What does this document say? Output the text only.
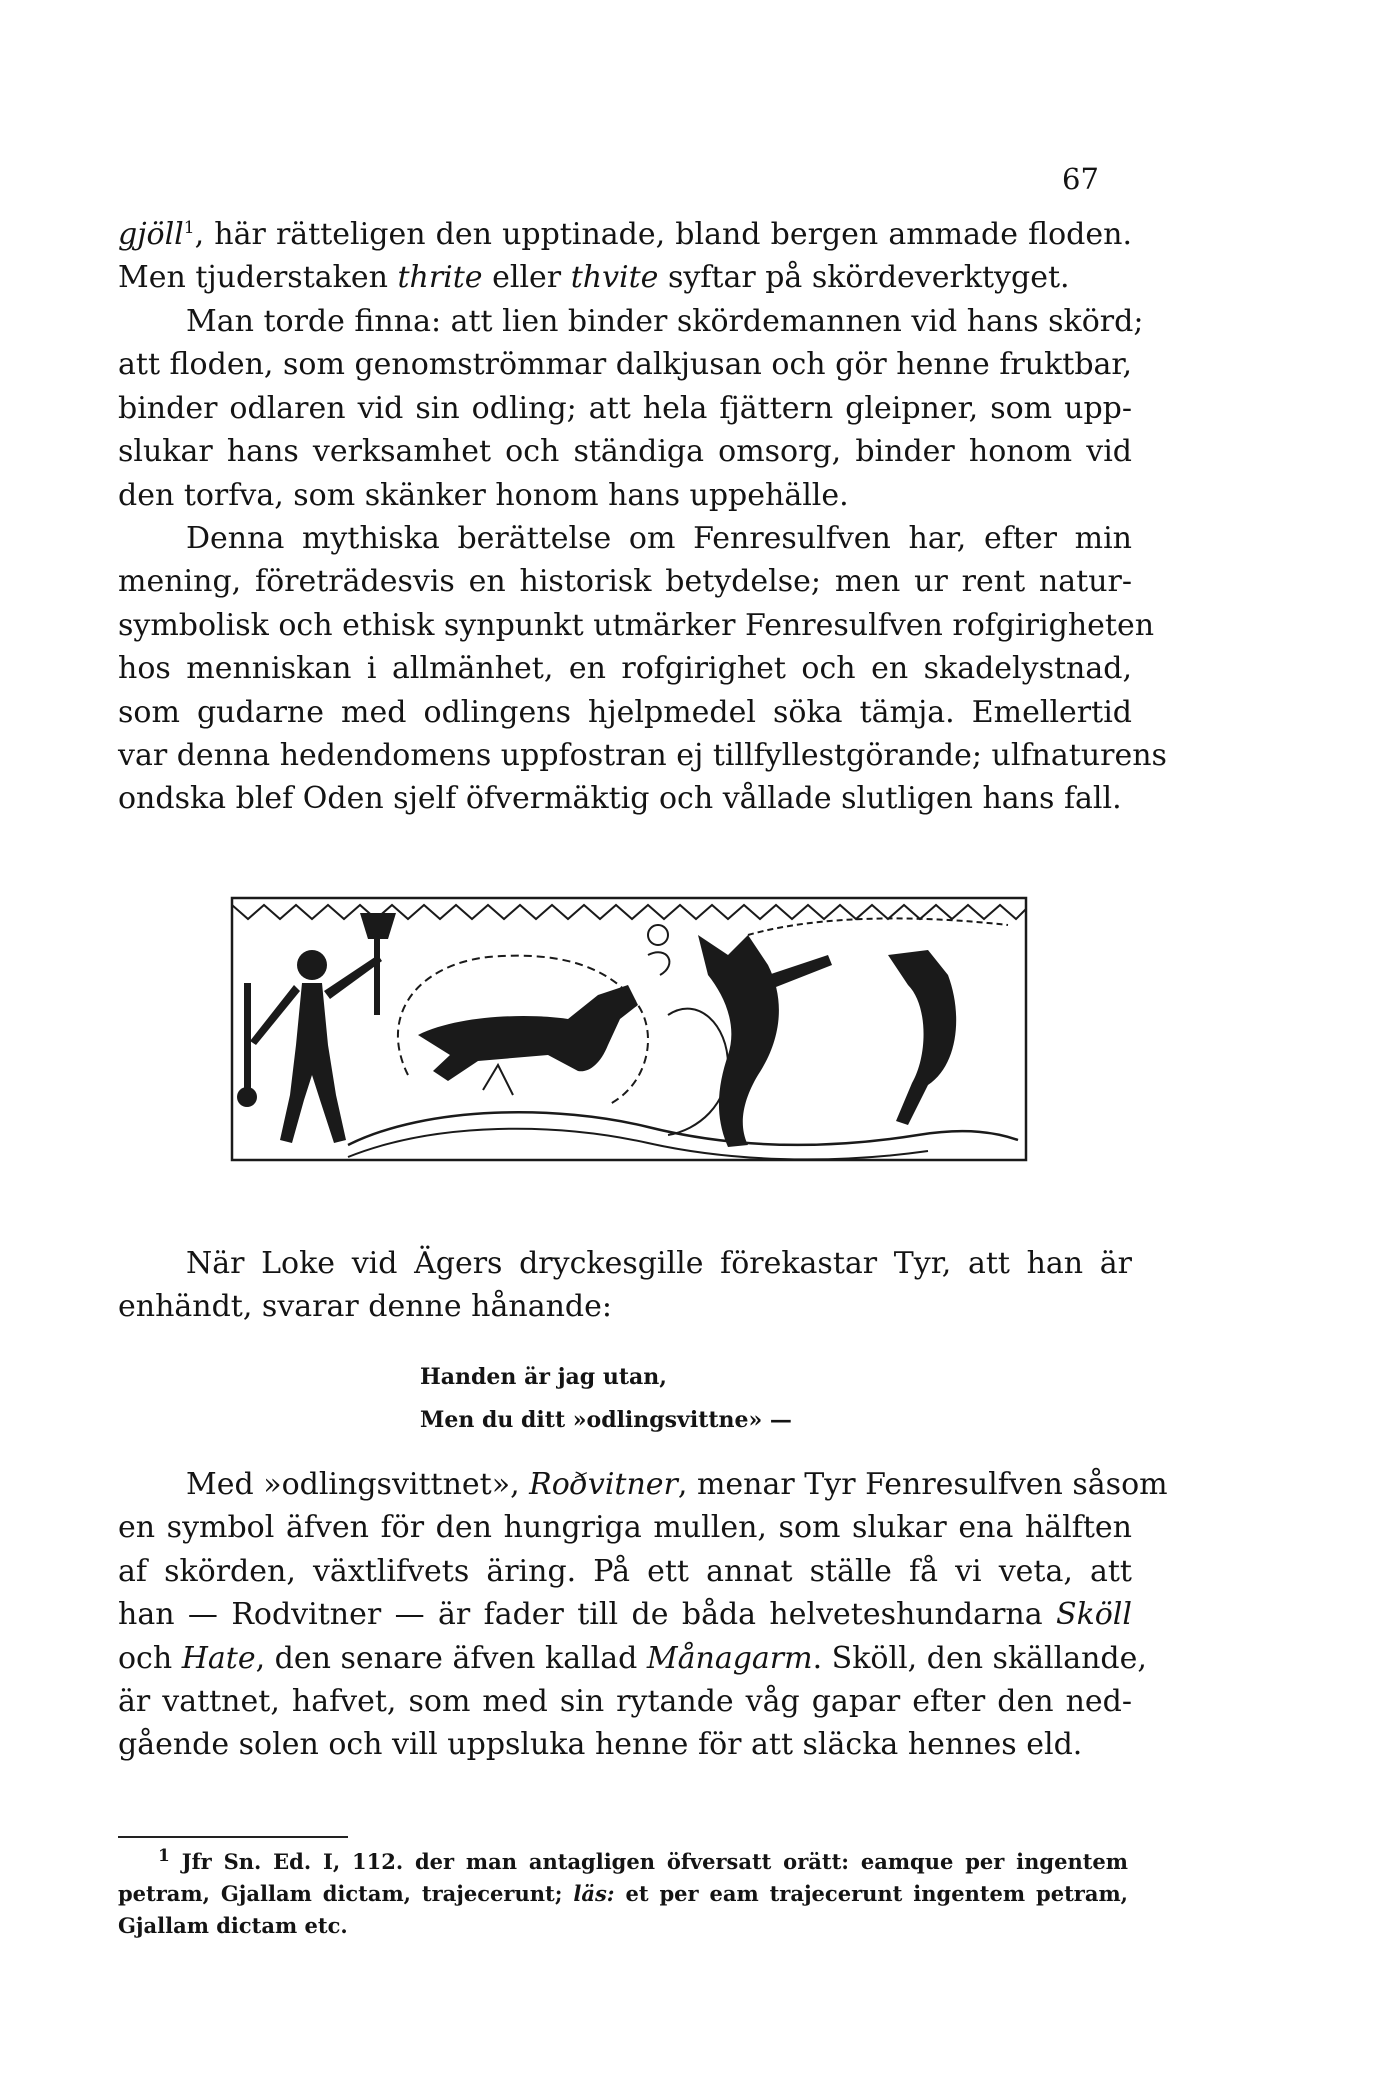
67
gjöll$^1$, här rätteligen den upptinade, bland bergen ammade floden.
Men tjuderstaken thrite eller thvite syftar på skördeverktyget.
Man torde finna: att lien binder skördemannen vid hans skörd;
att floden, som genomströmmar dalkjusan och gör henne fruktbar,
binder odlaren vid sin odling; att hela fjättern gleipner, som upp-
slukar hans verksamhet och ständiga omsorg, binder honom vid
den torfva, som skänker honom hans uppehälle.
Denna mythiska berättelse om Fenresulfven har, efter min
mening, företrädesvis en historisk betydelse; men ur rent natur-
symbolisk och ethisk synpunkt utmärker Fenresulfven rofgirigheten
hos menniskan i allmänhet, en rofgirighet och en skadelystnad,
som gudarne med odlingens hjelpmedel söka tämja. Emellertid
var denna hedendomens uppfostran ej tillfyllestgörande; ulfnaturens
ondska blef Oden sjelf öfvermäktig och vållade slutligen hans fall.
När Loke vid Ägers dryckesgille förekastar Tyr, att han är
enhändt, svarar denne hånande:
Handen är jag utan,
Men du ditt »odlingsvittne» —
Med »odlingsvittnet», Roðvitner, menar Tyr Fenresulfven såsom
en symbol äfven för den hungriga mullen, som slukar ena hälften
af skörden, växtlifvets äring. På ett annat ställe få vi veta, att
han — Rodvitner — är fader till de båda helveteshundarna Sköll
och Hate, den senare äfven kallad Månagarm. Sköll, den skällande,
är vattnet, hafvet, som med sin rytande våg gapar efter den ned-
gående solen och vill uppsluka henne för att släcka hennes eld.
$^1$ Jfr Sn. Ed. I, 112. der man antagligen öfversatt orätt: eamque per ingentem
petram, Gjallam dictam, trajecerunt; läs: et per eam trajecerunt ingentem petram,
Gjallam dictam etc.
